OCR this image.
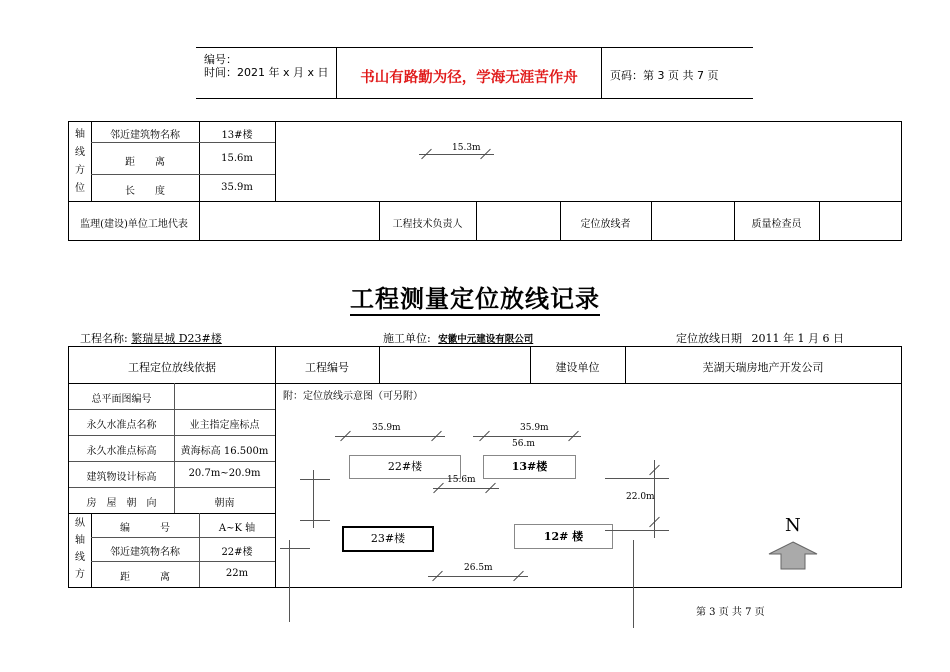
编号：
时间：2021 年 x 月 x 日	书山有路勤为径，学海无涯苦作舟	页码：第 3 页 共 7 页
轴线方位
邻近建筑物名称	13#楼
距　　离	15.6m
长　　度	35.9m
15.3m
监理(建设)单位工地代表	工程技术负责人	定位放线者	质量检查员
工程测量定位放线记录
工程名称: 繁瑞星城 D23#楼	施工单位: 安徽中元建设有限公司	定位放线日期 2011 年 1 月 6 日
工程定位放线依据	工程编号	建设单位	芜湖天瑞房地产开发公司
总平面图编号
永久水准点名称	业主指定座标点
永久水准点标高	黄海标高 16.500m
建筑物设计标高	20.7m~20.9m
房　屋　朝　向	朝南
纵轴线方
编　　　号	A~K 轴
邻近建筑物名称	22#楼
距　　　离	22m
附：定位放线示意图（可另附）
35.9m	35.9m
56.m
22#楼	13#楼
23#楼	12# 楼
15.6m
22.0m
26.5m
N
第 3 页 共 7 页
